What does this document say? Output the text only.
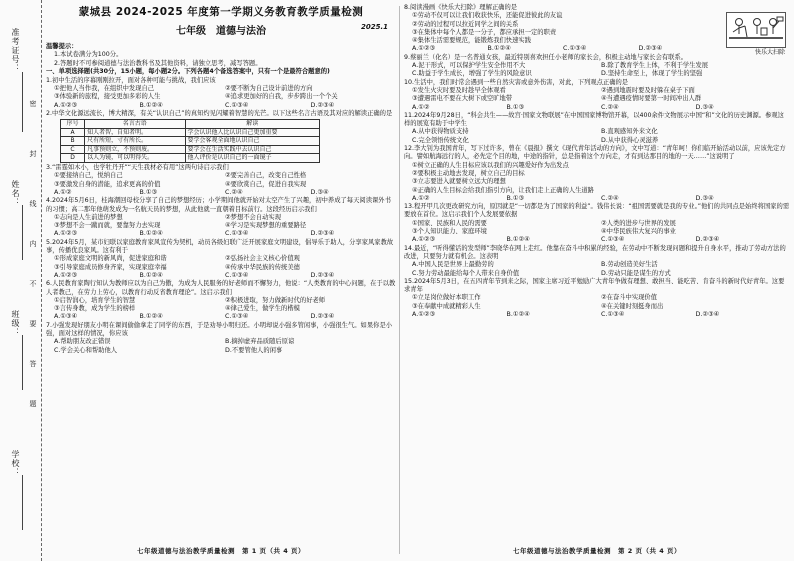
准考证号：
姓名：
班级：
学校：
密
封
线
内
不
要
答
题
蒙城县 2024-2025 年度第一学期义务教育教学质量检测
七年级　道德与法治	2025.1
温馨提示：
1.本试卷满分为100分。
2.答题时不可参阅道德与法治教科书及其他资料，请独立思考，减写答题。
一、单项选择题(共30分，15小题，每小题2分。下列各题4个备选答案中，只有一个是最符合题意的)
1.初中生活的序幕刚刚拉开，面对各种可能与挑战，我们应该
①把他人当作我，在组织中发现自己	②要不断为自己设计前进的方向
③体验新的旅程，接受更加多彩的人生	④追求更加好的自我，步步跨出一个个关
A.①②③	B.①②④	C.①③④	D.②③④
2.中华文化源远流长，博大精深，有关“认识自己”的真知灼见闪耀着智慧的光芒。以下这些名言古语及其对应的解读正确的是
序号	名言古语	解读
A	知人者智，自知者明。	学会认识他人比认识自己更加重要
B	尺有所短，寸有所长。	要学会客观全面地认识自己
C	凡事预则立，不预则废。	要学会在生活实践中去认识自己
D	以人为镜，可以明得失。	他人评价是认识自己的一面镜子
3.“雷霆如木小，也学牡丹开”“天生我材必有用”这两句诗启示我们
①要接纳自己，悦纳自己	②要完善自己，改变自己性格
③要激发自身的潜能，追求更高的价值	④要欣赏自己，促进自我实现
A.①②	B.①③	C.②④	D.③④
4.2024年5月6日，桂海潮回母校分享了自己的梦想经历；小学期间他就开始对太空产生了兴趣，初中养成了每天阅读课外书的习惯；高二那年他萌发成为一名航天员的梦想，从此他就一直朝着目标前行。这段经历启示我们
①志向是人生前进的梦想	②梦想不会自动实现
③梦想不会一蹴而就，要靠努力去实现	④学习是实现梦想的重要路径
A.①②③	B.①②④	C.①③④	D.②③④
5.2024年5月，某市妇联以家庭教育家风宣传为契机，动员各级妇联广泛开展家庭文明建设，倡导乐于助人，分享家风家教故事，传播优良家风。这有利于
①形成家庭文明的新风尚，促进家庭和谐	②弘扬社会主义核心价值观
③引导家庭成员修身齐家，实现家庭幸福	④传承中华民族的传统美德
A.①②③	B.①②④	C.①③④	D.②③④
6.人民教育家陶行知认为教师应以为自己为傲，为成为人民服务的好老师而不懈努力，他说：“人类教育的中心问题，在于以教人者教己，在劳力上劳心，以教育行动反省教育理论”。这启示我们
①启智润心，培育学生的智慧	②积极进取，努力做新时代的好老师
③言传身教，成为学生的榜样	④律己爱生，做学生的楷模
A.①③④	B.①②④	C.①③④	D.②③④
7.小强发现好朋友小明在课间偷偷拿走了同学的东西，于是劝导小明归还。小明却说小强多管闲事，小强很生气。如果你是小强，面对这样的情况，你应该
A.帮助朋友改正错误	B.摘掉虚弃品质随后原谅
C.学会关心和帮助他人	D.不要管他人的闲事
七年级道德与法治教学质量检测　第 1 页（共 4 页）
8.阅读漫画《快乐大扫除》理解正确的是
快乐大扫除
①劳动不仅可以让我们收获快乐，还能促进彼此的友谊
②劳动的过程可以拉近同学之间的关系
③在集体中每个人都是一分子，都应承担一定的职责
④集体生活需要规范，能锻炼我们快速实践
A.①②③	B.①②④	C.①③④	D.②③④
9.蔡丽兰（化名）是一名普通女孩，最近特别喜欢担任小老师的家长会，积极主动地与家长会有联系。
A.泥干形式，可以保护学生安全作用不大	B.除了教育学生上体，不利于学生发展
C.助益于学生成长，增强了学生的风险意识	D.坚持生命至上，体现了学生的坚强
10.生活中，我们时常会遇到一些自然灾害或意外伤害，对此，下列观点正确的是
①发生火灾时要及时趁早全体观看	②遇到地震时要及时躲在桌子下面
③遭遇雷电不要在大树下或空旷地带	④当遭遇疫情时要第一时间冲出人群
A.①②	B.①③	C.②④	D.③④
11.2024年9月28日，“科会共生——故宫·国家文物联展”在中国国家博物馆开幕，以400余件文物展示中国“和”文化的历史渊源。参观这样的展览有助于中学生
A.从中获得物质支持	B.直观感知外来文化
C.完全领悟传统文化	D.从中获得心灵滋养
12.李大钊为我国青年，写下过许多，曾在《晨报》撰文《现代青年活动的方向》，文中写道：“青年呵！你们临开始活动以前，应该先定方向。譬如航海远行的人，必先定个目的地，中途的指针，总是指着这个方向走，才有到达那目的地的一天……”这说明了
①树立正确的人生目标应该以我们的兴趣爱好作为出发点
②要积极主动地去发现，树立自己的目标
③立志要进入就要树立远大的理想
④正确的人生目标会给我们指引方向，让我们走上正确的人生道路
A.①②	B.①③	C.②④	D.③④
13.程开甲几次更改研究方向，原因就是“一切都是为了国家的利益”。钱伟长说：“祖国需要就是我的专业。”他们的共同点是始终将国家的需要放在首位。这启示我们个人发展要依据
①国家、民族和人民的需要	②人类的进步与世界的发展
③个人知识能力、家庭环境	④中华民族伟大复兴的事业
A.①②③	B.①②④	C.①③④	D.②③④
14.最近，“听得懂话的发型师”李晓华在网上走红。他靠在奋斗中积累的经验，在劳动中不断发现问题和提升自身水平，推动了劳动方法的改进，只要努力就有机会。这表明
A.中国人民是世界上最勤劳的	B.劳动创造美好生活
C.努力劳动最能给每个人带来自身价值	D.劳动只能是谋生的方式
15.2024年5月3日，在五四青年节到来之际，国家主席习近平勉励广大青年争做有理想、敢担当、能吃苦、肯奋斗的新时代好青年。这要求青年
①立足岗位做好本职工作	②在奋斗中实现价值
③在奉献中成就精彩人生	④在关键时刻挺身而出
A.①②③	B.①②④	C.①③④	D.②③④
七年级道德与法治教学质量检测　第 2 页（共 4 页）
